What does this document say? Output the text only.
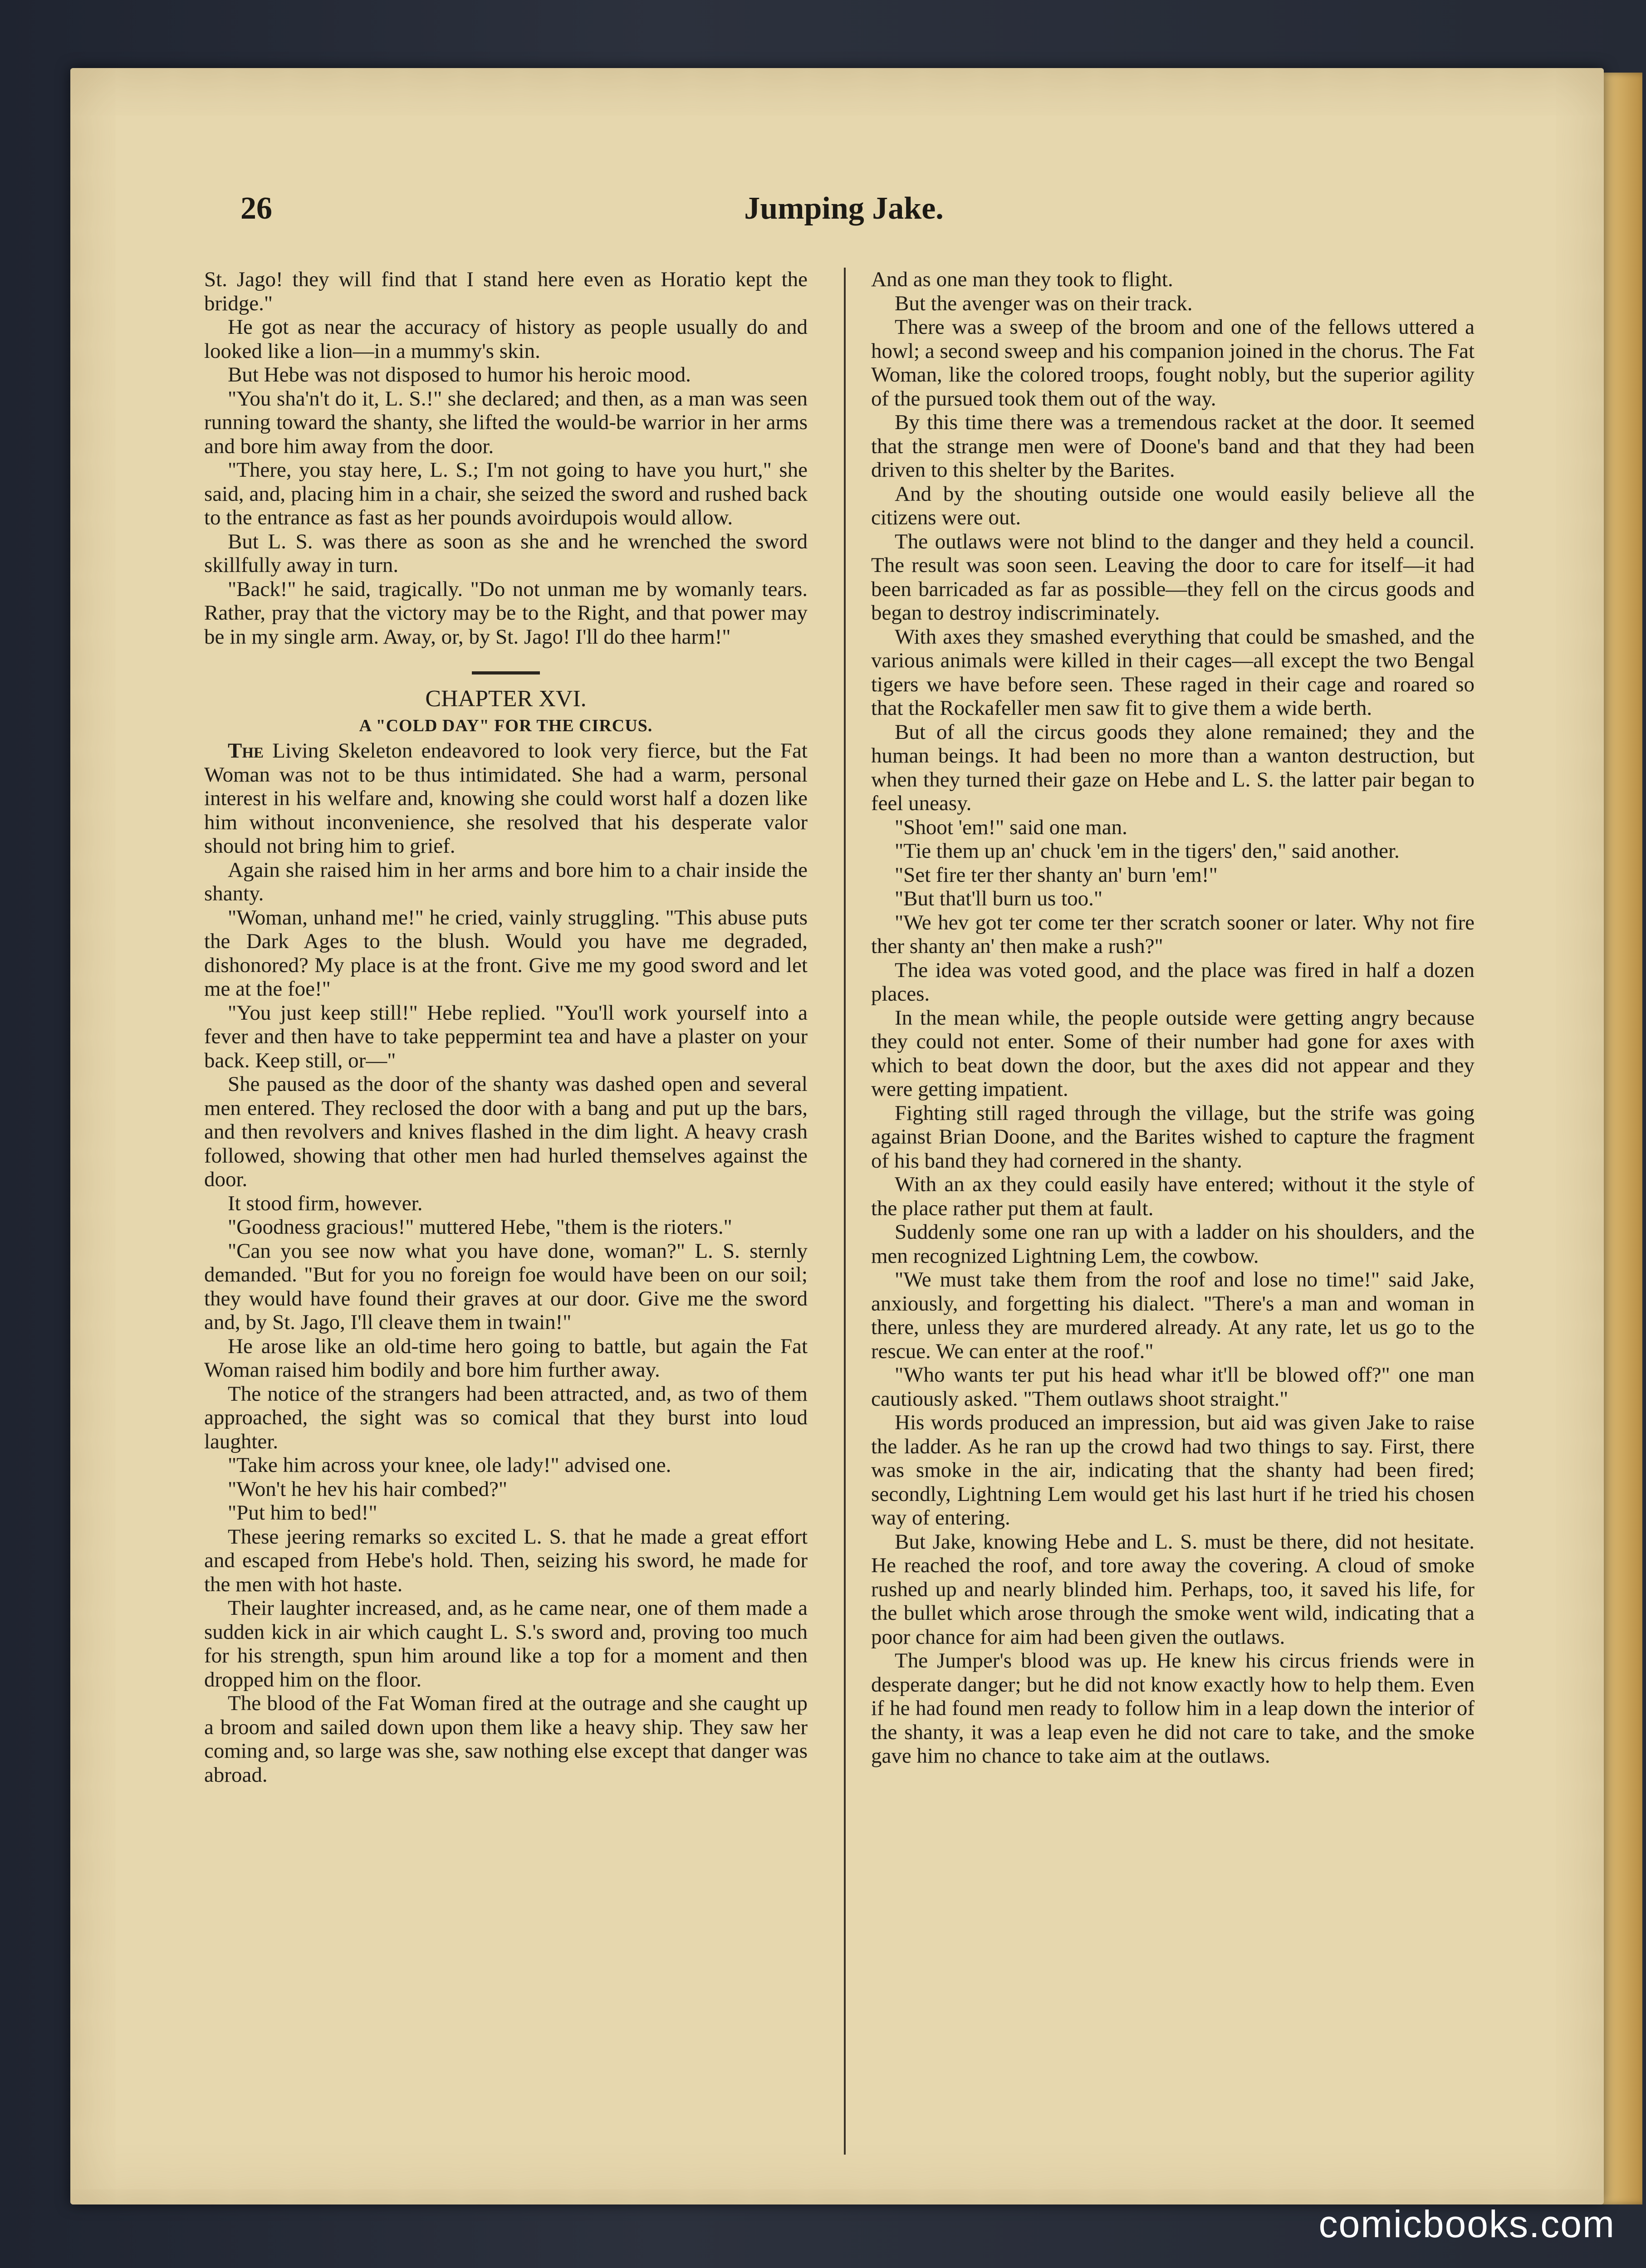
26	Jumping Jake.

St. Jago! they will find that I stand here even as Horatio kept the bridge."

He got as near the accuracy of history as people usually do and looked like a lion—in a mummy's skin.

But Hebe was not disposed to humor his heroic mood.

"You sha'n't do it, L. S.!" she declared; and then, as a man was seen running toward the shanty, she lifted the would-be warrior in her arms and bore him away from the door.

"There, you stay here, L. S.; I'm not going to have you hurt," she said, and, placing him in a chair, she seized the sword and rushed back to the entrance as fast as her pounds avoirdupois would allow.

But L. S. was there as soon as she and he wrenched the sword skillfully away in turn.

"Back!" he said, tragically. "Do not unman me by womanly tears. Rather, pray that the victory may be to the Right, and that power may be in my single arm. Away, or, by St. Jago! I'll do thee harm!"

CHAPTER XVI.

A "COLD DAY" FOR THE CIRCUS.

The Living Skeleton endeavored to look very fierce, but the Fat Woman was not to be thus intimidated. She had a warm, personal interest in his welfare and, knowing she could worst half a dozen like him without inconvenience, she resolved that his desperate valor should not bring him to grief.

Again she raised him in her arms and bore him to a chair inside the shanty.

"Woman, unhand me!" he cried, vainly struggling. "This abuse puts the Dark Ages to the blush. Would you have me degraded, dishonored? My place is at the front. Give me my good sword and let me at the foe!"

"You just keep still!" Hebe replied. "You'll work yourself into a fever and then have to take peppermint tea and have a plaster on your back. Keep still, or—"

She paused as the door of the shanty was dashed open and several men entered. They reclosed the door with a bang and put up the bars, and then revolvers and knives flashed in the dim light. A heavy crash followed, showing that other men had hurled themselves against the door.

It stood firm, however.

"Goodness gracious!" muttered Hebe, "them is the rioters."

"Can you see now what you have done, woman?" L. S. sternly demanded. "But for you no foreign foe would have been on our soil; they would have found their graves at our door. Give me the sword and, by St. Jago, I'll cleave them in twain!"

He arose like an old-time hero going to battle, but again the Fat Woman raised him bodily and bore him further away.

The notice of the strangers had been attracted, and, as two of them approached, the sight was so comical that they burst into loud laughter.

"Take him across your knee, ole lady!" advised one.

"Won't he hev his hair combed?"

"Put him to bed!"

These jeering remarks so excited L. S. that he made a great effort and escaped from Hebe's hold. Then, seizing his sword, he made for the men with hot haste.

Their laughter increased, and, as he came near, one of them made a sudden kick in air which caught L. S.'s sword and, proving too much for his strength, spun him around like a top for a moment and then dropped him on the floor.

The blood of the Fat Woman fired at the outrage and she caught up a broom and sailed down upon them like a heavy ship. They saw her coming and, so large was she, saw nothing else except that danger was abroad.

And as one man they took to flight.

But the avenger was on their track.

There was a sweep of the broom and one of the fellows uttered a howl; a second sweep and his companion joined in the chorus. The Fat Woman, like the colored troops, fought nobly, but the superior agility of the pursued took them out of the way.

By this time there was a tremendous racket at the door. It seemed that the strange men were of Doone's band and that they had been driven to this shelter by the Barites.

And by the shouting outside one would easily believe all the citizens were out.

The outlaws were not blind to the danger and they held a council. The result was soon seen. Leaving the door to care for itself—it had been barricaded as far as possible—they fell on the circus goods and began to destroy indiscriminately.

With axes they smashed everything that could be smashed, and the various animals were killed in their cages—all except the two Bengal tigers we have before seen. These raged in their cage and roared so that the Rockafeller men saw fit to give them a wide berth.

But of all the circus goods they alone remained; they and the human beings. It had been no more than a wanton destruction, but when they turned their gaze on Hebe and L. S. the latter pair began to feel uneasy.

"Shoot 'em!" said one man.

"Tie them up an' chuck 'em in the tigers' den," said another.

"Set fire ter ther shanty an' burn 'em!"

"But that'll burn us too."

"We hev got ter come ter ther scratch sooner or later. Why not fire ther shanty an' then make a rush?"

The idea was voted good, and the place was fired in half a dozen places.

In the mean while, the people outside were getting angry because they could not enter. Some of their number had gone for axes with which to beat down the door, but the axes did not appear and they were getting impatient.

Fighting still raged through the village, but the strife was going against Brian Doone, and the Barites wished to capture the fragment of his band they had cornered in the shanty.

With an ax they could easily have entered; without it the style of the place rather put them at fault.

Suddenly some one ran up with a ladder on his shoulders, and the men recognized Lightning Lem, the cowbow.

"We must take them from the roof and lose no time!" said Jake, anxiously, and forgetting his dialect. "There's a man and woman in there, unless they are murdered already. At any rate, let us go to the rescue. We can enter at the roof."

"Who wants ter put his head whar it'll be blowed off?" one man cautiously asked. "Them outlaws shoot straight."

His words produced an impression, but aid was given Jake to raise the ladder. As he ran up the crowd had two things to say. First, there was smoke in the air, indicating that the shanty had been fired; secondly, Lightning Lem would get his last hurt if he tried his chosen way of entering.

But Jake, knowing Hebe and L. S. must be there, did not hesitate. He reached the roof, and tore away the covering. A cloud of smoke rushed up and nearly blinded him. Perhaps, too, it saved his life, for the bullet which arose through the smoke went wild, indicating that a poor chance for aim had been given the outlaws.

The Jumper's blood was up. He knew his circus friends were in desperate danger; but he did not know exactly how to help them. Even if he had found men ready to follow him in a leap down the interior of the shanty, it was a leap even he did not care to take, and the smoke gave him no chance to take aim at the outlaws.

comicbooks.com
